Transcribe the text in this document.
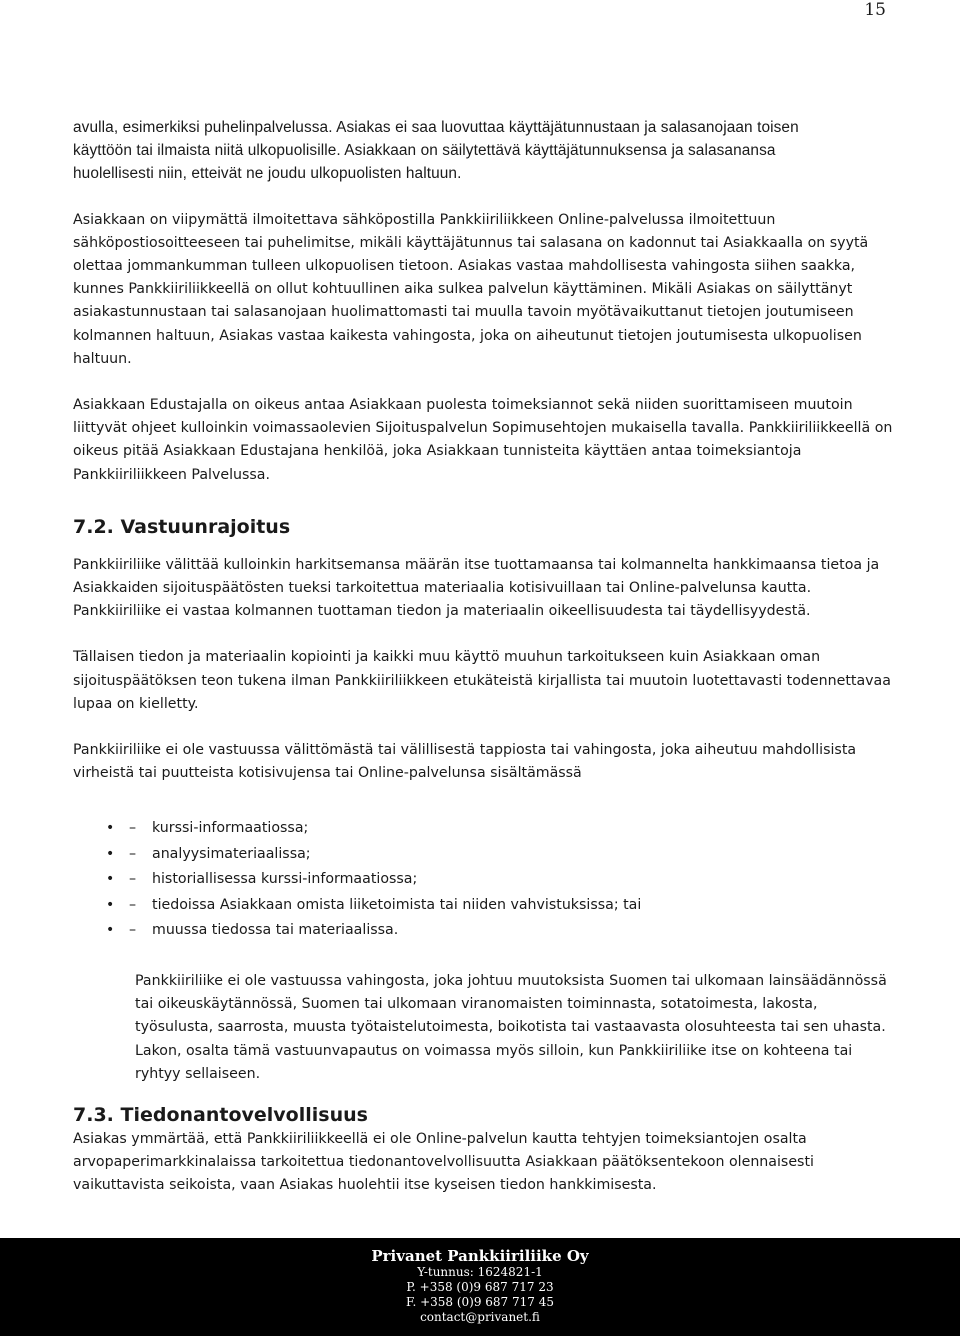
15

avulla, esimerkiksi puhelinpalvelussa. Asiakas ei saa luovuttaa käyttäjätunnustaan ja salasanojaan toisen

käyttöön tai ilmaista niitä ulkopuolisille. Asiakkaan on säilytettävä käyttäjätunnuksensa ja salasanansa

huolellisesti niin, etteivät ne joudu ulkopuolisten haltuun.

Asiakkaan on viipymättä ilmoitettava sähköpostilla Pankkiiriliikkeen Online-palvelussa ilmoitettuun sähköpostiosoitteeseen tai puhelimitse, mikäli käyttäjätunnus tai salasana on kadonnut tai Asiakkaalla on syytä olettaa jommankumman tulleen ulkopuolisen tietoon. Asiakas vastaa mahdollisesta vahingosta siihen saakka, kunnes Pankkiiriliikkeellä on ollut kohtuullinen aika sulkea palvelun käyttäminen. Mikäli Asiakas on säilyttänyt asiakastunnustaan tai salasanojaan huolimattomasti tai muulla tavoin myötävaikuttanut tietojen joutumiseen kolmannen haltuun, Asiakas vastaa kaikesta vahingosta, joka on aiheutunut tietojen joutumisesta ulkopuolisen haltuun.

Asiakkaan Edustajalla on oikeus antaa Asiakkaan puolesta toimeksiannot sekä niiden suorittamiseen muutoin liittyvät ohjeet kulloinkin voimassaolevien Sijoituspalvelun Sopimusehtojen mukaisella tavalla. Pankkiiriliikkeellä on oikeus pitää Asiakkaan Edustajana henkilöä, joka Asiakkaan tunnisteita käyttäen antaa toimeksiantoja Pankkiiriliikkeen Palvelussa.

7.2. Vastuunrajoitus

Pankkiiriliike välittää kulloinkin harkitsemansa määrän itse tuottamaansa tai kolmannelta hankkimaansa tietoa ja Asiakkaiden sijoituspäätösten tueksi tarkoitettua materiaalia kotisivuillaan tai Online-palvelunsa kautta. Pankkiiriliike ei vastaa kolmannen tuottaman tiedon ja materiaalin oikeellisuudesta tai täydellisyydestä.

Tällaisen tiedon ja materiaalin kopiointi ja kaikki muu käyttö muuhun tarkoitukseen kuin Asiakkaan oman sijoituspäätöksen teon tukena ilman Pankkiiriliikkeen etukäteistä kirjallista tai muutoin luotettavasti todennettavaa lupaa on kielletty.

Pankkiiriliike ei ole vastuussa välittömästä tai välillisestä tappiosta tai vahingosta, joka aiheutuu mahdollisista virheistä tai puutteista kotisivujensa tai Online-palvelunsa sisältämässä

• – kurssi-informaatiossa;
• – analyysimateriaalissa;
• – historiallisessa kurssi-informaatiossa;
• – tiedoissa Asiakkaan omista liiketoimista tai niiden vahvistuksissa; tai
• – muussa tiedossa tai materiaalissa.

Pankkiiriliike ei ole vastuussa vahingosta, joka johtuu muutoksista Suomen tai ulkomaan lainsäädännössä tai oikeuskäytännössä, Suomen tai ulkomaan viranomaisten toiminnasta, sotatoimesta, lakosta, työsulusta, saarrosta, muusta työtaistelutoimesta, boikotista tai vastaavasta olosuhteesta tai sen uhasta. Lakon, osalta tämä vastuunvapautus on voimassa myös silloin, kun Pankkiiriliike itse on kohteena tai ryhtyy sellaiseen.

7.3. Tiedonantovelvollisuus

Asiakas ymmärtää, että Pankkiiriliikkeellä ei ole Online-palvelun kautta tehtyjen toimeksiantojen osalta arvopaperimarkkinalaissa tarkoitettua tiedonantovelvollisuutta Asiakkaan päätöksentekoon olennaisesti vaikuttavista seikoista, vaan Asiakas huolehtii itse kyseisen tiedon hankkimisesta.

Privanet Pankkiiriliike Oy
Y-tunnus: 1624821-1
P. +358 (0)9 687 717 23
F. +358 (0)9 687 717 45
contact@privanet.fi
